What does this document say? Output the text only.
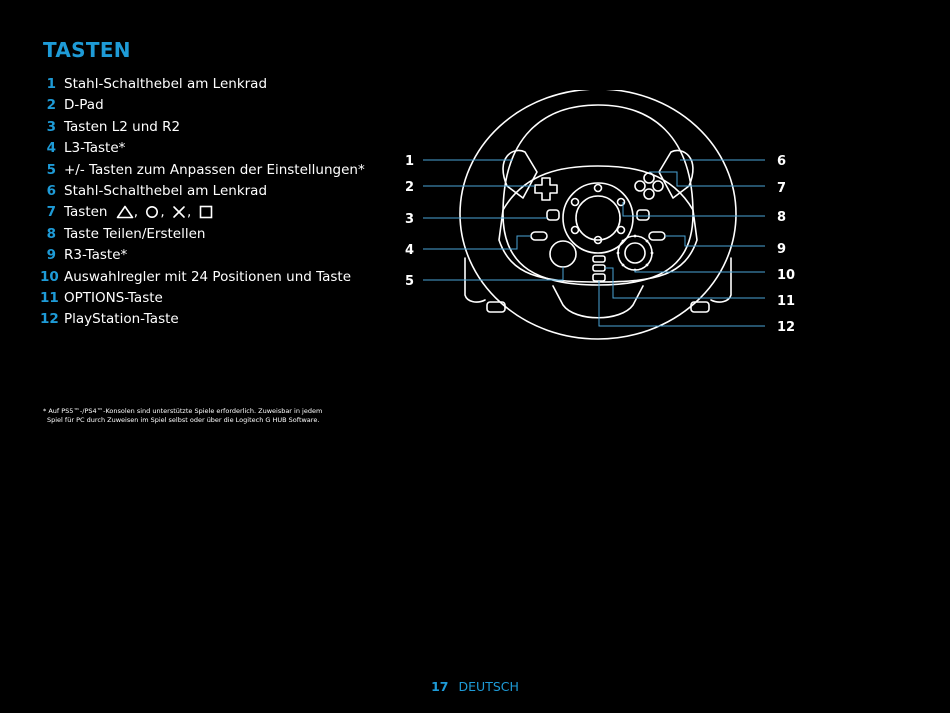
TASTEN
1 Stahl-Schalthebel am Lenkrad
2 D-Pad
3 Tasten L2 und R2
4 L3-Taste*
5 +/- Tasten zum Anpassen der Einstellungen*
6 Stahl-Schalthebel am Lenkrad
7 Tasten , , ,
8 Taste Teilen/Erstellen
9 R3-Taste*
10 Auswahlregler mit 24 Positionen und Taste
11 OPTIONS-Taste
12 PlayStation-Taste
* Auf PS5™-/PS4™-Konsolen sind unterstützte Spiele erforderlich. Zuweisbar in jedem
Spiel für PC durch Zuweisen im Spiel selbst oder über die Logitech G HUB Software.
1
2
3
4
5
6
7
8
9
10
11
12
17 DEUTSCH
